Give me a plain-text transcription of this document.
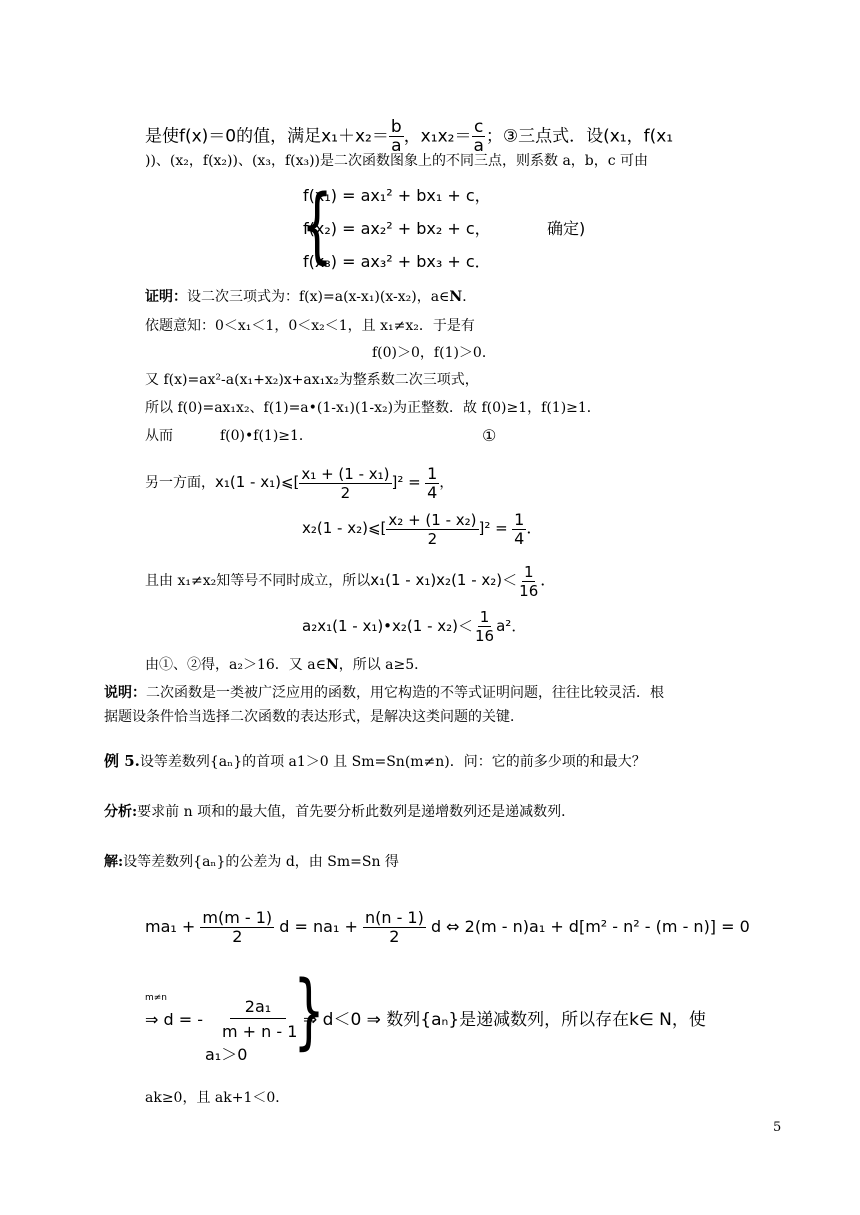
是使f(x)＝0的值，满足$x_1+x_2= \frac{b}{a}$ ，$x_1x_2= \frac{c}{a}$ ；③三点式．设(x₁，f(x₁
))、(x₂，f(x₂))、(x₃，f(x₃))是二次函数图象上的不同三点，则系数 a，b，c 可由
{
f(x₁) = ax₁² + bx₁ + c，
f(x₂) = ax₂² + bx₂ + c，	确定)
f(x₃) = ax₃² + bx₃ + c．
证明：设二次三项式为：f(x)=a(x-x₁)(x-x₂)，a∈N．
依题意知：0＜x₁＜1，0＜x₂＜1，且 x₁≠x₂．于是有
f(0)＞0，f(1)＞0．
又 f(x)=ax²-a(x₁+x₂)x+ax₁x₂为整系数二次三项式，
所以 f(0)=ax₁x₂、f(1)=a•(1-x₁)(1-x₂)为正整数．故 f(0)≥1，f(1)≥1．
从而	f(0)•f(1)≥1．	①
另一方面，x₁(1 - x₁)⩽[ $\frac{\text{x₁ + (1 - x₁)}}{2} ]^2 = \frac{1}{4}$ ，
x₂(1 - x₂)⩽[ $\frac{\text{x₂ + (1 - x₂)}}{2} ]^2 = \frac{1}{4}$ ．
且由 x₁≠x₂知等号不同时成立，所以$x_1(1 - x_1)x_2(1 - x_2)< \frac{1}{16}$ ．
a₂x₁(1 - x₁)•x₂(1 - $x_2)< \frac{1}{16} a^2$．
由①、②得，a₂＞16．又 a∈N，所以 a≥5．
说明：二次函数是一类被广泛应用的函数，用它构造的不等式证明问题，往往比较灵活．根
据题设条件恰当选择二次函数的表达形式，是解决这类问题的关键．
例 5.设等差数列{aₙ}的首项 a1＞0 且 Sm=Sn(m≠n)．问：它的前多少项的和最大？
分析:要求前 n 项和的最大值，首先要分析此数列是递增数列还是递减数列．
解:设等差数列{aₙ}的公差为 d，由 Sm=Sn 得
$ma_1 + \frac{m(m - 1)}{2}$ $d = na_1 + \frac{n(n - 1)}{2}$ d ⇔ 2(m - n)a₁ + d[m² - n² - (m - n)] = 0
m≠n
⇒ d = -
2a₁
m + n - 1
a₁＞0 }
⇒ d＜0 ⇒ 数列{aₙ}是递减数列，所以存在k∈ N，使
ak≥0，且 ak+1＜0．
5
